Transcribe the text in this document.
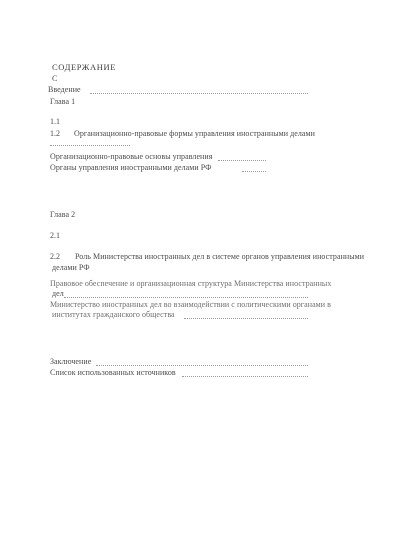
СОДЕРЖАНИЕ
С
Введение
Глава 1
1.1
1.2 Организационно-правовые формы управления иностранными делами
Организационно-правовые основы управления
Органы управления иностранными делами РФ
Глава 2
2.1
2.2 Роль Министерства иностранных дел в системе органов управления иностранными
делами РФ
Правовое обеспечение и организационная структура Министерства иностранных
дел
Министерство иностранных дел во взаимодействии с политическими органами в
институтах гражданского общества
Заключение
Список использованных источников
